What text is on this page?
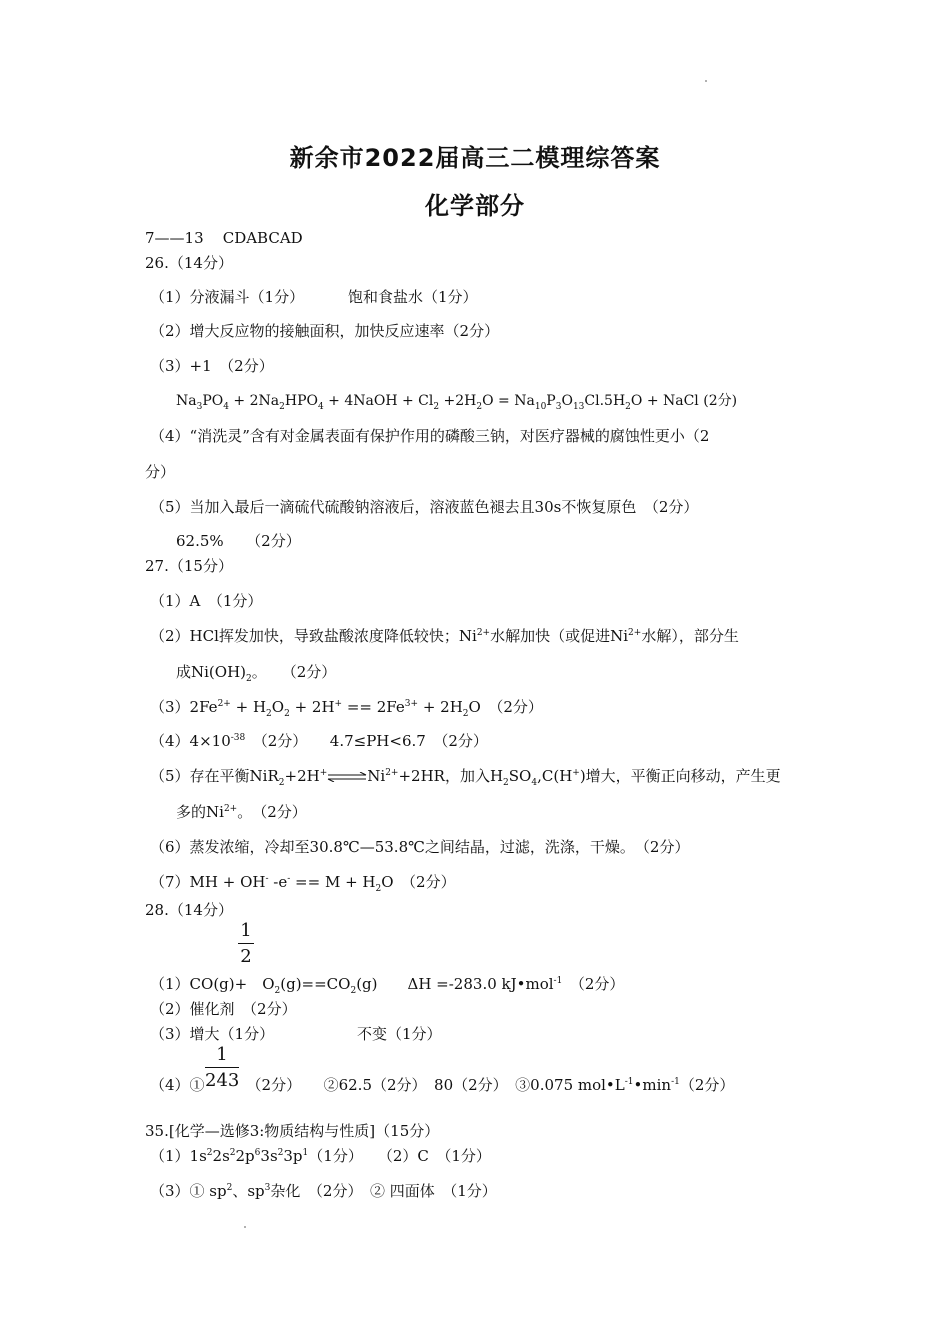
新余市2022届高三二模理综答案
化学部分
7——13 CDABCAD
26.（14分）
（1）分液漏斗（1分）	饱和食盐水（1分）
（2）增大反应物的接触面积，加快反应速率（2分）
（3）+1　（2分）
$Na_3PO_4 + 2Na_2HPO_4$ + 4NaOH + $Cl_2 +2H_2O = Na_{10}P_3O_{13}Cl.5H_2O$ + NaCl (2分)
（4）“消洗灵”含有对金属表面有保护作用的磷酸三钠，对医疗器械的腐蚀性更小（2
分）
（5）当加入最后一滴硫代硫酸钠溶液后，溶液蓝色褪去且30s不恢复原色　（2分）
62.5%　　（2分）
27.（15分）
（1）A　（1分）
（2）HCl挥发加快，导致盐酸浓度降低较快；$Ni^{2+}$水解加快（或促进$Ni^{2+}$水解），部分生
成$Ni(OH)_2$。　　（2分）
$(3)2Fe^{2+} + H_2O_2 + 2H^+ == 2Fe^{3+} + 2H_2O$　（2分）
$(4)4\times 10^{-38}$　（2分）　　4.7≤PH<6.7　（2分）
（5）存在平衡$NiR_2+2H^+\rightleftharpoons Ni^{2+}+2HR$，加入$H_2SO_4,C(H^+)$增大，平衡正向移动，产生更
多的$Ni^{2+}$。　（2分）
（6）蒸发浓缩，冷却至30.8℃—53.8℃之间结晶，过滤，洗涤，干燥。　（2分）
（7）MH + OH- $-e^- == M + H_2O$　（2分）
28.（14分）
1
2
（1）CO(g)+　$O_2(g)==CO_2(g)$　　ΔH =-283.0 kJ•mol$^{-1}$　（2分）
（2）催化剂　（2分）
（3）增大（1分）	不变（1分）
1
243
（4）①	（2分）　　②62.5（2分）　80（2分）　③0.075 $mol•L^{-1}•\min^{-1}(2$分）
35.[化学—选修3:物质结构与性质]（15分）
$(1)1s^22s^22p^63s^23p^1(1$分）　　（2）C　（1分）
（3）① $sp^2$、$sp^3$杂化　（2分）　② 四面体　（1分）
